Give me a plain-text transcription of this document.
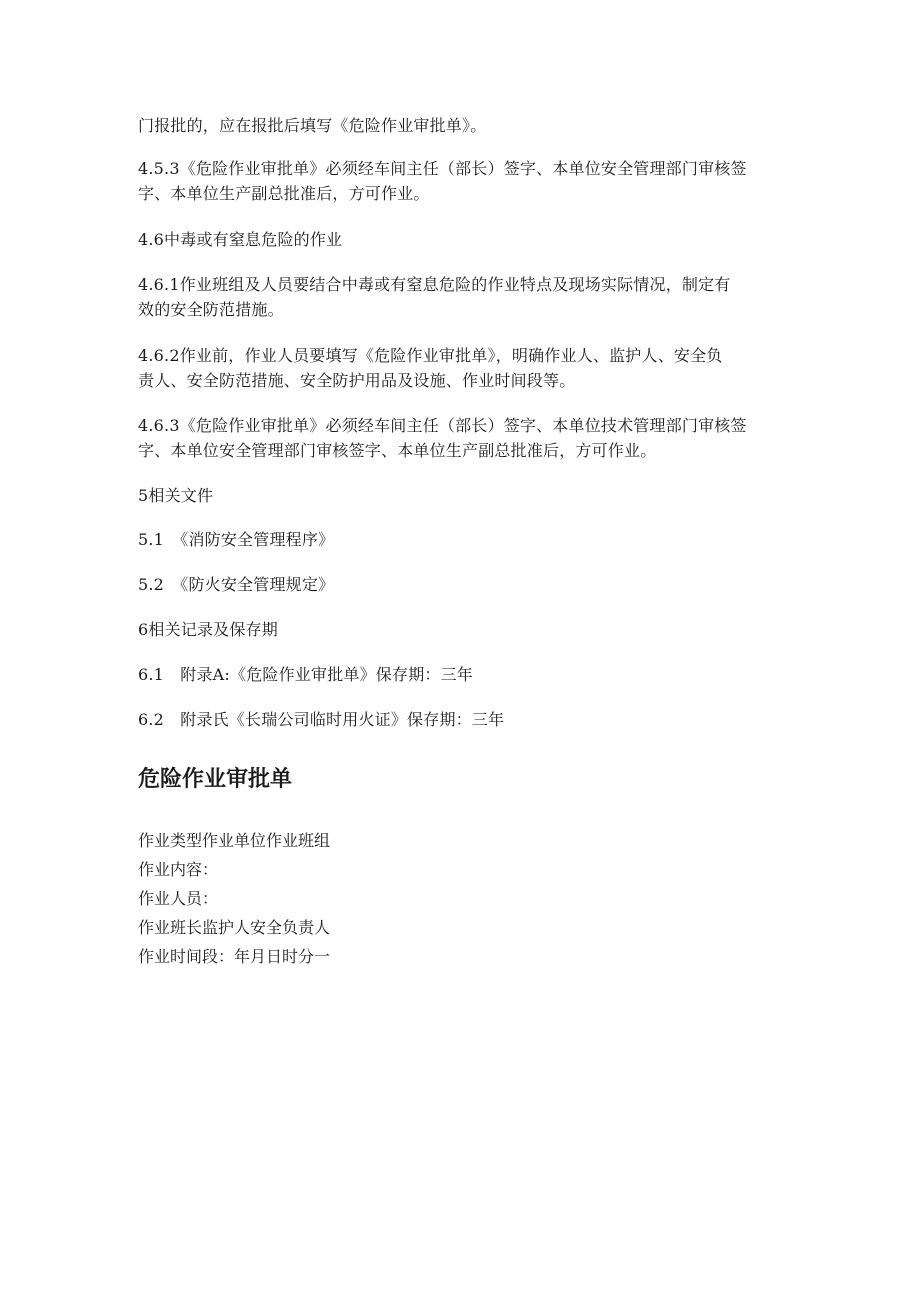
门报批的，应在报批后填写《危险作业审批单》。

4.5.3《危险作业审批单》必须经车间主任（部长）签字、本单位安全管理部门审核签
字、本单位生产副总批准后，方可作业。

4.6中毒或有窒息危险的作业

4.6.1作业班组及人员要结合中毒或有窒息危险的作业特点及现场实际情况，制定有
效的安全防范措施。

4.6.2作业前，作业人员要填写《危险作业审批单》，明确作业人、监护人、安全负
责人、安全防范措施、安全防护用品及设施、作业时间段等。

4.6.3《危险作业审批单》必须经车间主任（部长）签字、本单位技术管理部门审核签
字、本单位安全管理部门审核签字、本单位生产副总批准后，方可作业。

5相关文件

5.1　《消防安全管理程序》

5.2　《防火安全管理规定》

6相关记录及保存期

6.1　附录A:《危险作业审批单》保存期：三年

6.2　附录氏《长瑞公司临时用火证》保存期：三年

危险作业审批单
作业类型作业单位作业班组
作业内容：
作业人员：
作业班长监护人安全负责人
作业时间段：年月日时分一
